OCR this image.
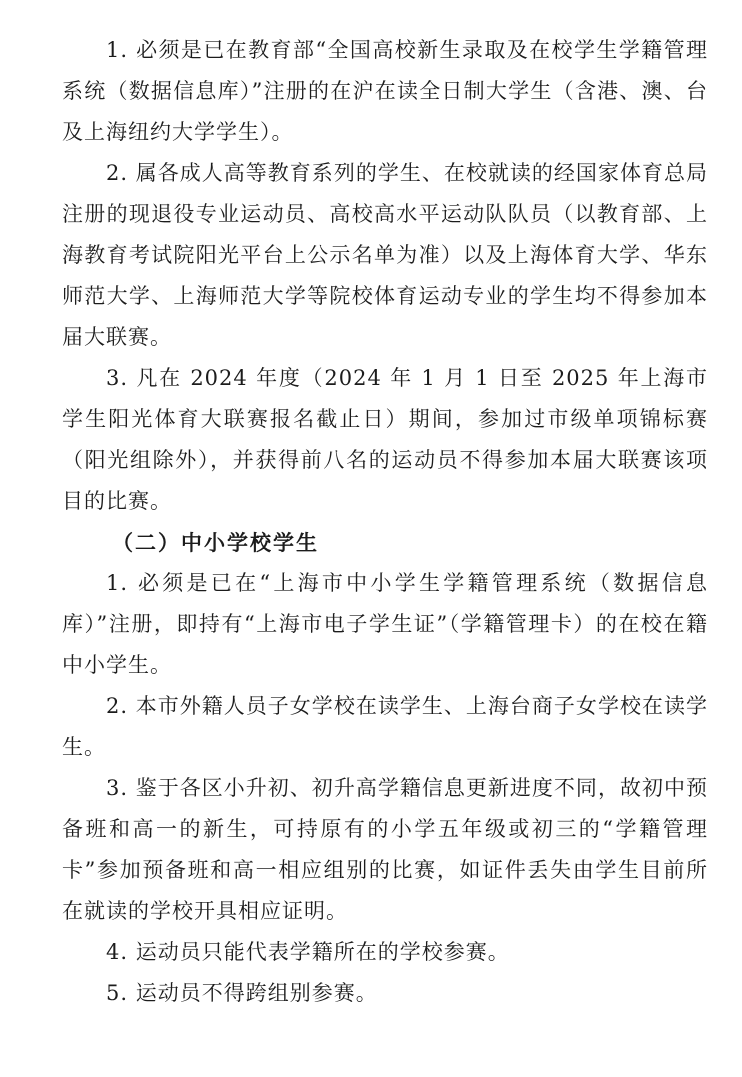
1. 必须是已在教育部“全国高校新生录取及在校学生学籍管理系统（数据信息库）”注册的在沪在读全日制大学生（含港、澳、台及上海纽约大学学生）。

2. 属各成人高等教育系列的学生、在校就读的经国家体育总局注册的现退役专业运动员、高校高水平运动队队员（以教育部、上海教育考试院阳光平台上公示名单为准）以及上海体育大学、华东师范大学、上海师范大学等院校体育运动专业的学生均不得参加本届大联赛。

3. 凡在 2024 年度（2024 年 1 月 1 日至 2025 年上海市学生阳光体育大联赛报名截止日）期间，参加过市级单项锦标赛（阳光组除外），并获得前八名的运动员不得参加本届大联赛该项目的比赛。

（二）中小学校学生

1. 必须是已在“上海市中小学生学籍管理系统（数据信息库）”注册，即持有“上海市电子学生证”（学籍管理卡）的在校在籍中小学生。

2. 本市外籍人员子女学校在读学生、上海台商子女学校在读学生。

3. 鉴于各区小升初、初升高学籍信息更新进度不同，故初中预备班和高一的新生，可持原有的小学五年级或初三的“学籍管理卡”参加预备班和高一相应组别的比赛，如证件丢失由学生目前所在就读的学校开具相应证明。

4. 运动员只能代表学籍所在的学校参赛。

5. 运动员不得跨组别参赛。
